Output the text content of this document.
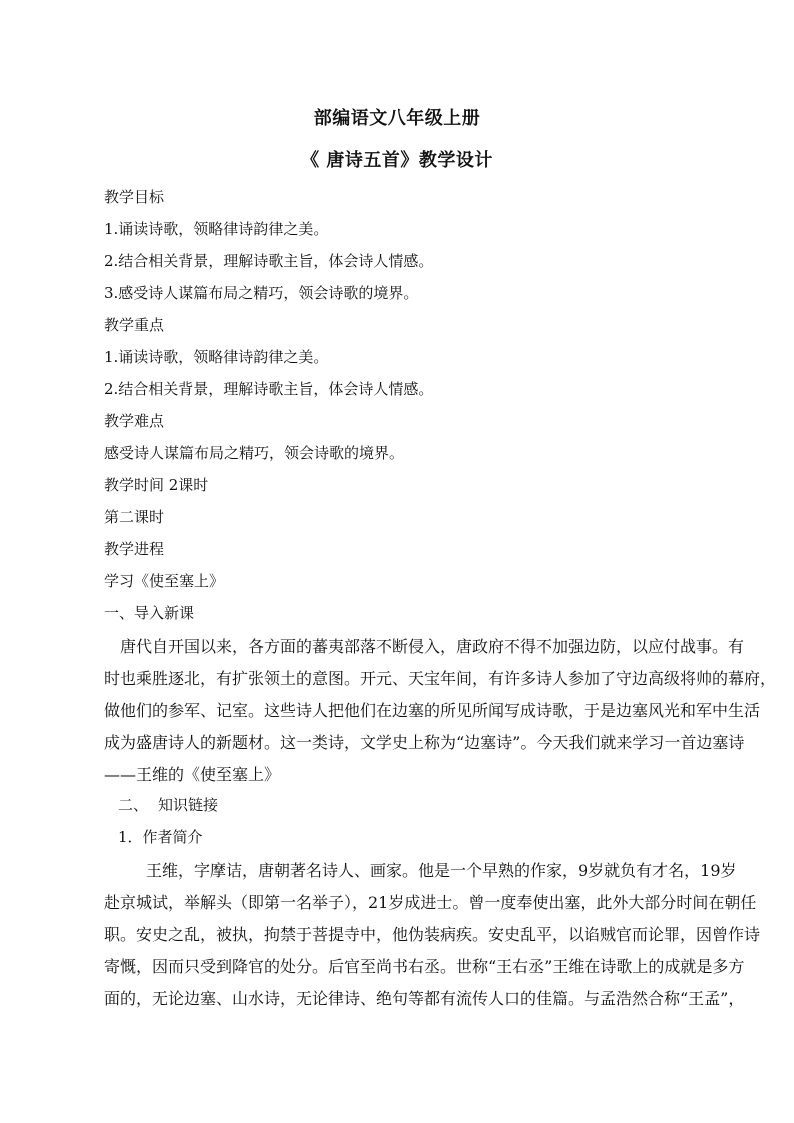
部编语文八年级上册
《 唐诗五首》教学设计
教学目标
1.诵读诗歌，领略律诗韵律之美。
2.结合相关背景，理解诗歌主旨，体会诗人情感。
3.感受诗人谋篇布局之精巧，领会诗歌的境界。
教学重点
1.诵读诗歌，领略律诗韵律之美。
2.结合相关背景，理解诗歌主旨，体会诗人情感。
教学难点
感受诗人谋篇布局之精巧，领会诗歌的境界。
教学时间 2课时
第二课时
教学进程
学习《使至塞上》
一、导入新课
唐代自开国以来，各方面的蕃夷部落不断侵入，唐政府不得不加强边防，以应付战事。有
时也乘胜逐北，有扩张领土的意图。开元、天宝年间，有许多诗人参加了守边高级将帅的幕府，
做他们的参军、记室。这些诗人把他们在边塞的所见所闻写成诗歌，于是边塞风光和军中生活
成为盛唐诗人的新题材。这一类诗，文学史上称为“边塞诗”。今天我们就来学习一首边塞诗
——王维的《使至塞上》
二、 知识链接
1．作者简介
王维，字摩诘，唐朝著名诗人、画家。他是一个早熟的作家，9岁就负有才名，19岁
赴京城试，举解头（即第一名举子），21岁成进士。曾一度奉使出塞，此外大部分时间在朝任
职。安史之乱，被执，拘禁于菩提寺中，他伪装病疾。安史乱平，以谄贼官而论罪，因曾作诗
寄慨，因而只受到降官的处分。后官至尚书右丞。世称“王右丞”王维在诗歌上的成就是多方
面的，无论边塞、山水诗，无论律诗、绝句等都有流传人口的佳篇。与孟浩然合称“王孟”，
